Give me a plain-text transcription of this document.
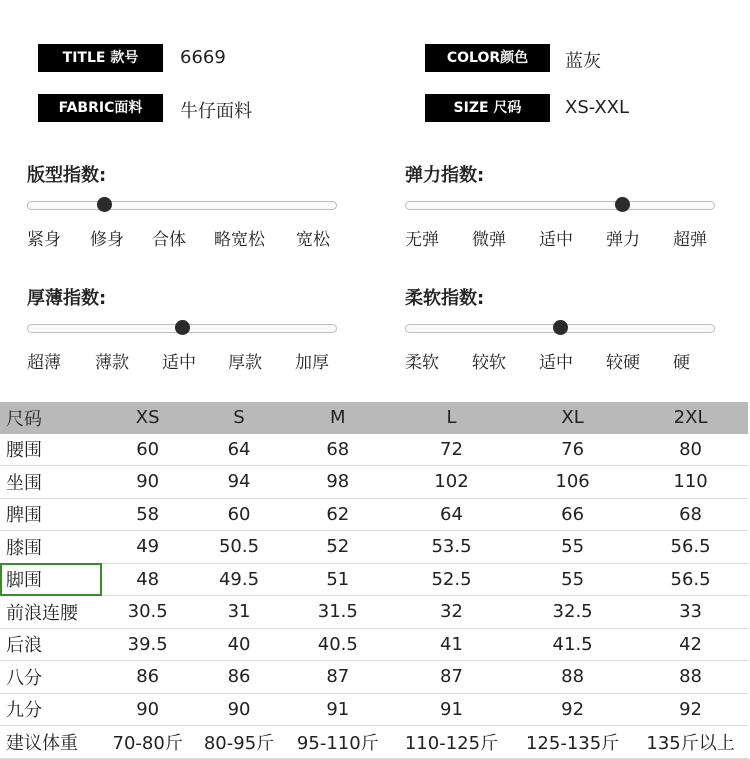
TITLE 款号	6669	COLOR颜色	蓝灰
FABRIC面料	牛仔面料	SIZE 尺码	XS-XXL
版型指数:
紧身 修身 合体 略宽松 宽松
弹力指数:
无弹 微弹 适中 弹力 超弹
厚薄指数:
超薄 薄款 适中 厚款 加厚
柔软指数:
柔软 较软 适中 较硬 硬
尺码	XS	S	M	L	XL	2XL
腰围	60	64	68	72	76	80
坐围	90	94	98	102	106	110
脾围	58	60	62	64	66	68
膝围	49	50.5	52	53.5	55	56.5
脚围	48	49.5	51	52.5	55	56.5
前浪连腰	30.5	31	31.5	32	32.5	33
后浪	39.5	40	40.5	41	41.5	42
八分	86	86	87	87	88	88
九分	90	90	91	91	92	92
建议体重	70-80斤	80-95斤	95-110斤	110-125斤	125-135斤	135斤以上
